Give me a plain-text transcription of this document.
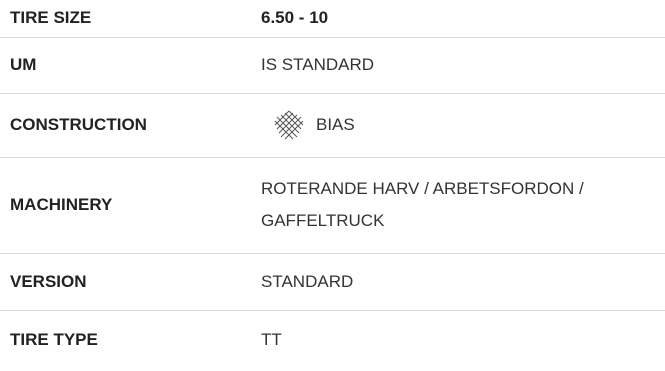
TIRE SIZE	6.50 - 10
UM	IS STANDARD
CONSTRUCTION	BIAS

MACHINERY	ROTERANDE HARV / ARBETSFORDON / GAFFELTRUCK
VERSION	STANDARD
TIRE TYPE	TT
